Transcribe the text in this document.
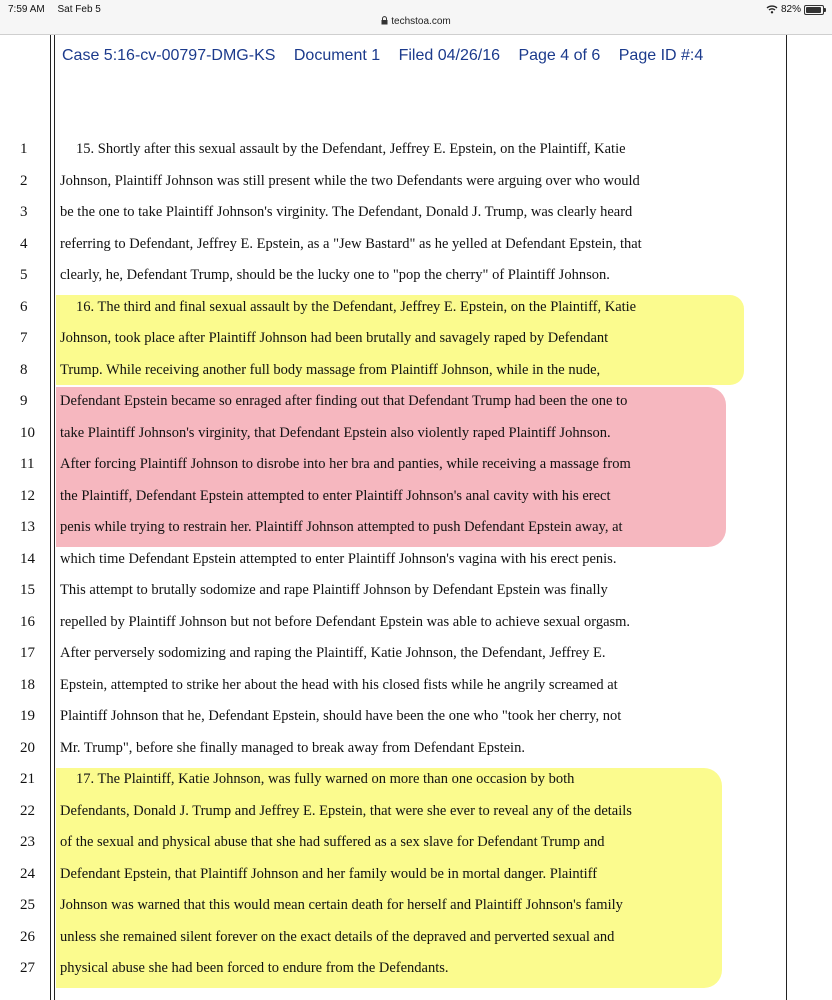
7:59 AM Sat Feb 5
techstoa.com
82%
Case 5:16-cv-00797-DMG-KS Document 1 Filed 04/26/16 Page 4 of 6 Page ID #:4
1
2
3
4
5
6
7
8
9
10
11
12
13
14
15
16
17
18
19
20
21
22
23
24
25
26
27
15. Shortly after this sexual assault by the Defendant, Jeffrey E. Epstein, on the Plaintiff, Katie
Johnson, Plaintiff Johnson was still present while the two Defendants were arguing over who would
be the one to take Plaintiff Johnson's virginity. The Defendant, Donald J. Trump, was clearly heard
referring to Defendant, Jeffrey E. Epstein, as a "Jew Bastard" as he yelled at Defendant Epstein, that
clearly, he, Defendant Trump, should be the lucky one to "pop the cherry" of Plaintiff Johnson.
16. The third and final sexual assault by the Defendant, Jeffrey E. Epstein, on the Plaintiff, Katie
Johnson, took place after Plaintiff Johnson had been brutally and savagely raped by Defendant
Trump. While receiving another full body massage from Plaintiff Johnson, while in the nude,
Defendant Epstein became so enraged after finding out that Defendant Trump had been the one to
take Plaintiff Johnson's virginity, that Defendant Epstein also violently raped Plaintiff Johnson.
After forcing Plaintiff Johnson to disrobe into her bra and panties, while receiving a massage from
the Plaintiff, Defendant Epstein attempted to enter Plaintiff Johnson's anal cavity with his erect
penis while trying to restrain her. Plaintiff Johnson attempted to push Defendant Epstein away, at
which time Defendant Epstein attempted to enter Plaintiff Johnson's vagina with his erect penis.
This attempt to brutally sodomize and rape Plaintiff Johnson by Defendant Epstein was finally
repelled by Plaintiff Johnson but not before Defendant Epstein was able to achieve sexual orgasm.
After perversely sodomizing and raping the Plaintiff, Katie Johnson, the Defendant, Jeffrey E.
Epstein, attempted to strike her about the head with his closed fists while he angrily screamed at
Plaintiff Johnson that he, Defendant Epstein, should have been the one who "took her cherry, not
Mr. Trump", before she finally managed to break away from Defendant Epstein.
17. The Plaintiff, Katie Johnson, was fully warned on more than one occasion by both
Defendants, Donald J. Trump and Jeffrey E. Epstein, that were she ever to reveal any of the details
of the sexual and physical abuse that she had suffered as a sex slave for Defendant Trump and
Defendant Epstein, that Plaintiff Johnson and her family would be in mortal danger. Plaintiff
Johnson was warned that this would mean certain death for herself and Plaintiff Johnson's family
unless she remained silent forever on the exact details of the depraved and perverted sexual and
physical abuse she had been forced to endure from the Defendants.
